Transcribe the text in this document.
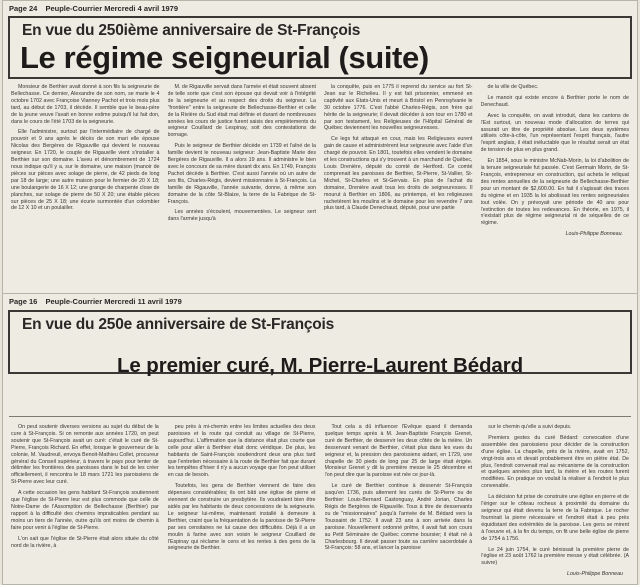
Page 24 Peuple-Courrier Mercredi 4 avril 1979
En vue du 250ième anniversaire de St-François
Le régime seigneurial (suite)

Monsieur de Berthier avait donné à son fils la seigneurie de Bellechasse. Ce dernier, Alexandre de son nom, se marie le 4 octobre 1702 avec Françoise Vianney Pachot et trois mois plus tard, au début de 1703, il décède. Il semble que le beau-père de la jeune veuve l'avait en bonne estime puisqu'il lui fait don, dans le cours de l'été 1703 de la seigneurie.

Elle l'administre, surtout par l'intermédiaire de chargé de pouvoir et 9 ans après le décès de son mari elle épouse Nicolas des Bergères de Rigauville qui devient le nouveau seigneur. En 1720, le couple de Rigauville vient s'installer à Berthier sur son domaine. L'aveu et dénombrement de 1724 nous indique qu'il y a, sur le domaine, une maison (manoir de pièces sur pièces avec solage de pierre, de 42 pieds de long par 18 de large; une autre maison pour le fermier de 20 X 18; une boulangerie de 16 X 12; une grange de charpente close de planches, sur solage de pierre de 50 X 20; une étable pièces sur pièces de 25 X 18; une écurie surmontée d'un colombier de 12 X 10 et un poulailler.

M. de Rigauville servait dans l'armée et était souvent absent de telle sorte que c'est son épouse qui devait voir à l'intégrité de la seigneurie et au respect des droits du seigneur. La "frontière" entre la seigneurie de Bellechasse-Berthier et celle de la Rivière du Sud était mal définie et durant de nombreuses années les cours de justice furent saisis des empiètements du seigneur Couillard de Lespinay, soit des contestations de bornage.

Puis le seigneur de Berthier décède en 1739 et l'aîné de la famille devient le nouveau seigneur: Jean-Baptiste Marie des Bergères de Rigauville. Il a alors 19 ans. Il administre le bien avec le concours de sa mère durant dix ans. En 1749, François Pachot décède à Berthier. C'est aussi l'année où un autre de ses fils, Charles-Régis, devient missionnaire à St-François. La famille de Rigauville, l'année suivante, donne, à même son domaine de la côte St-Blaize, la terre de la Fabrique de St-François.

Les années s'écoulent, mouvementées. Le seigneur sert dans l'armée jusqu'à

la conquête, puis en 1775 il reprend du service au fort St-Jean sur le Richelieu. Il y est fait prisonnier, emmené en captivité aux Etats-Unis et meurt à Bristol en Pennsylvanie le 30 octobre 1776. C'est l'abbé Charles-Régis, son frère qui hérite de la seigneurie; il devait décéder à son tour en 1780 et par son testament, les Religieuses de l'Hôpital Général de Québec deviennent les nouvelles seigneuresses.

Ce legs fut attaqué en cour, mais les Religieuses eurent gain de cause et administrèrent leur seigneurie avec l'aide d'un chargé de pouvoir. En 1801, toutefois elles vendent le domaine et les constructions qui s'y trouvent à un marchand de Québec, Louis Drenière, député du comté de Hertford. Ce comté comprenait les paroisses de Berthier, St-Pierre, St-Vallier, St-Michel, St-Charles et St-Gervais. En plus de l'achat du domaine, Drenière avait tous les droits de seigneuresses. Il mourut à Berthier en 1806, au printemps, et les religieuses rachetèrent les moulins et le domaine pour les revendre 7 ans plus tard, à Claude Denechaud, député, pour une partie

de la ville de Québec.

Le manoir qui existe encore à Berthier porte le nom de Denechaud.

Avec la conquête, on avait introduit, dans les cantons de l'Est surtout, un nouveau mode d'allocation de terres qui assurait un titre de propriété absolue. Les deux systèmes utilisés côte-à-côte, l'un représentant l'esprit français, l'autre l'esprit anglais, il était inéluctable que le résultat serait un état de tension de plus en plus grand.

En 1854, sous le ministre McNab-Morin, la loi d'abolition de la tenure seigneuriale fut passée. C'est Germain Morin, de St-François, entrepreneur en construction, qui acheta le reliquat des rentes annuelles de la seigneurie de Bellechasse-Berthier pour un montant de $2,600.00. En fait il s'agissait des traces du régime et en 1935 la loi abolissait les rentes seigneuriales tout volée. On y prévoyait une période de 40 ans pour l'extinction de toutes les redevances. En théorie, en 1975, il n'existait plus de régime seigneurial ni de séquelles de ce régime.

Louis-Philippe Bonneau.
Page 16 Peuple-Courrier Mercredi 11 avril 1979
En vue du 250e anniversaire de St-François
Le premier curé, M. Pierre-Laurent Bédard

On peut soutenir diverses versions au sujet du début de la cure à St-François. Si on remonte aux années 1720, on peut soutenir que St-François avait un curé: c'était le curé de St-Pierre, François Richard. En effet, lorsque le gouverneur de la colonie, M. Vaudreuil, envoya Benoit-Mathieu Collet, procureur général du Conseil supérieur, à travers le pays pour tenter de délimiter les frontières des paroisses dans le but de les créer officiellement, il rencontra le 18 mars 1721 les paroissiens de St-Pierre avec leur curé.

A cette occasion les gens habitant St-François soutiennent que l'église de St-Pierre leur est plus commode que celle de Notre-Dame de l'Assomption de Bellechasse (Berthier) par rapport à la difficulté des chemins impraticables pendant au moins un tiers de l'année, outre qu'ils ont moins de chemin à faire pour venir à l'église de St-Pierre.

L'on sait que l'église de St-Pierre était alors située du côté nord de la rivière, à

peu près à mi-chemin entre les limites actuelles des deux paroisses et la route qui conduit au village de St-Pierre, aujourd'hui. L'affirmation que la distance était plus courte que celle pour aller à Berthier était donc véridique. De plus, les habitants de Saint-François soutiendront deux ans plus tard que l'entretien nécessaire à la route de Berthier fait que durant les tempêtes d'hiver il n'y a aucun voyage que l'on peut utiliser en cas de besoin.

Toutefois, les gens de Berthier viennent de faire des dépenses considérables; ils ont bâti une église de pierre et viennent de construire un presbytère. Ils voudraient bien être aidés par les habitants de deux concessions de la seigneurie. Le seigneur lui-même, maintenant installé à demeure à Berthier, craint que la fréquentation de la paroisse de St-Pierre par ses censitaires ne lui cause des difficultés. Déjà il a un moulin à farine avec son voisin le seigneur Couillard de l'Espinay qui réclame le cens et les rentes à des gens de la seigneurie de Berthier.

Tout cela a dû influencer l'Evêque quand il demanda quelque temps après à M. Jean-Baptiste François Grenet, curé de Berthier, de desservir les deux côtés de la rivière. Un desservant venant de Berthier, c'était plus dans les vues du seigneur et, la pression des paroissiens aidant, en 1729, une chapelle de 30 pieds de long par 25 de large était érigée. Monsieur Grenet y dit la première messe le 25 décembre et l'on peut dire que la paroisse est née ce jour-là.

Le curé de Berthier continue à desservir St-François jusqu'en 1736, puis alternent les curés de St-Pierre ou de Berthier: Louis-Bernard Castonguay, André Jorian, Charles Régis de Bergères de Rigauville. Tous à titre de desservants ou de "missionnaires" jusqu'à l'arrivée de M. Bédard vers la Toussaint de 1752. Il avait 23 ans à son arrivée dans la paroisse. Nouvellement ordonné prêtre, il avait fait son cours au Petit Séminaire de Québec comme boursier; il était né à Charlesbourg. Il devait passer toute sa carrière sacerdotale à St-François: 58 ans, et lancer la paroisse

sur le chemin qu'elle a suivi depuis.

Premiers gestes du curé Bédard: convocation d'une assemblée des paroissiens pour décider de la construction d'une église. La chapelle, près de la rivière, avait en 1752, vingt-trois ans et devait probablement être en piètre état. De plus, l'endroit convenait mal au mécanisme de la construction et quelques années plus tard, la rivière et les routes furent modifiées. En pratique on voulait la réaliser à l'endroit le plus convenable.

La décision fut prise de construire une église en pierre et de l'ériger sur le côteau rocheux à proximité du domaine du seigneur qui était devenu la terre de la Fabrique. Le rocher fournirait la pierre nécessaire et l'endroit était à peu près équidistant des extrémités de la paroisse. Les gens se mirent à l'oeuvre et, à la fin du temps, on fit une belle église de pierre de 1754 à 1756.

Le 24 juin 1754, le curé bénissait la première pierre de l'église et 23 août 1762 la première messe y était célébrée. (A suivre)

Louis-Philippe Bonneau
